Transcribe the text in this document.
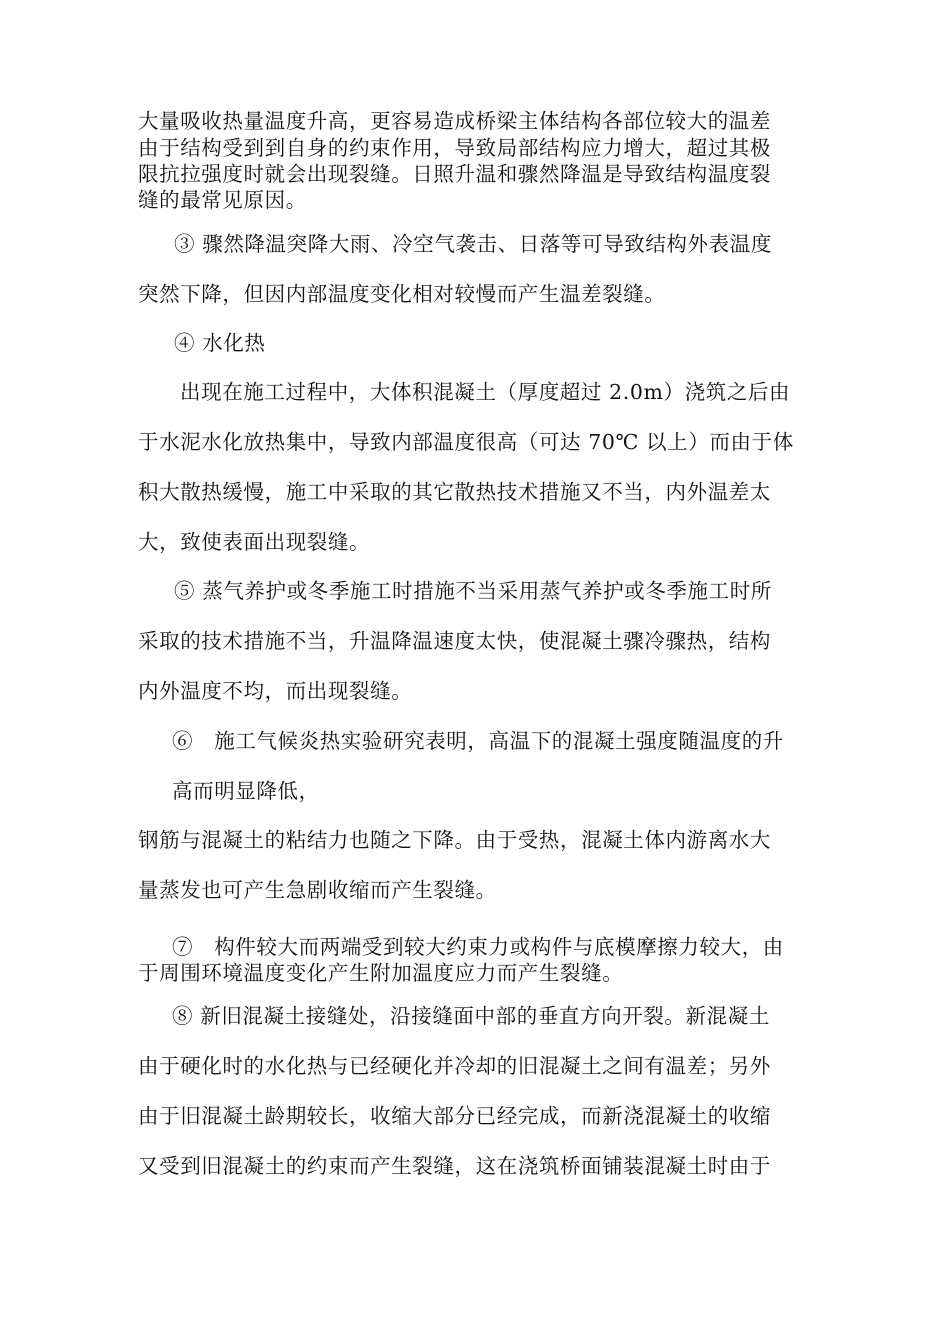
大量吸收热量温度升高，更容易造成桥梁主体结构各部位较大的温差
由于结构受到到自身的约束作用，导致局部结构应力增大，超过其极
限抗拉强度时就会出现裂缝。日照升温和骤然降温是导致结构温度裂
缝的最常见原因。
③ 骤然降温突降大雨、冷空气袭击、日落等可导致结构外表温度
突然下降，但因内部温度变化相对较慢而产生温差裂缝。
④ 水化热
出现在施工过程中，大体积混凝土（厚度超过 2.0m）浇筑之后由
于水泥水化放热集中，导致内部温度很高（可达 70℃ 以上）而由于体
积大散热缓慢，施工中采取的其它散热技术措施又不当，内外温差太
大，致使表面出现裂缝。
⑤ 蒸气养护或冬季施工时措施不当采用蒸气养护或冬季施工时所
采取的技术措施不当，升温降温速度太快，使混凝土骤冷骤热，结构
内外温度不均，而出现裂缝。
⑥　施工气候炎热实验研究表明，高温下的混凝土强度随温度的升
高而明显降低，
钢筋与混凝土的粘结力也随之下降。由于受热，混凝土体内游离水大
量蒸发也可产生急剧收缩而产生裂缝。
⑦　构件较大而两端受到较大约束力或构件与底模摩擦力较大，由
于周围环境温度变化产生附加温度应力而产生裂缝。
⑧ 新旧混凝土接缝处，沿接缝面中部的垂直方向开裂。新混凝土
由于硬化时的水化热与已经硬化并冷却的旧混凝土之间有温差；另外
由于旧混凝土龄期较长，收缩大部分已经完成，而新浇混凝土的收缩
又受到旧混凝土的约束而产生裂缝，这在浇筑桥面铺装混凝土时由于
